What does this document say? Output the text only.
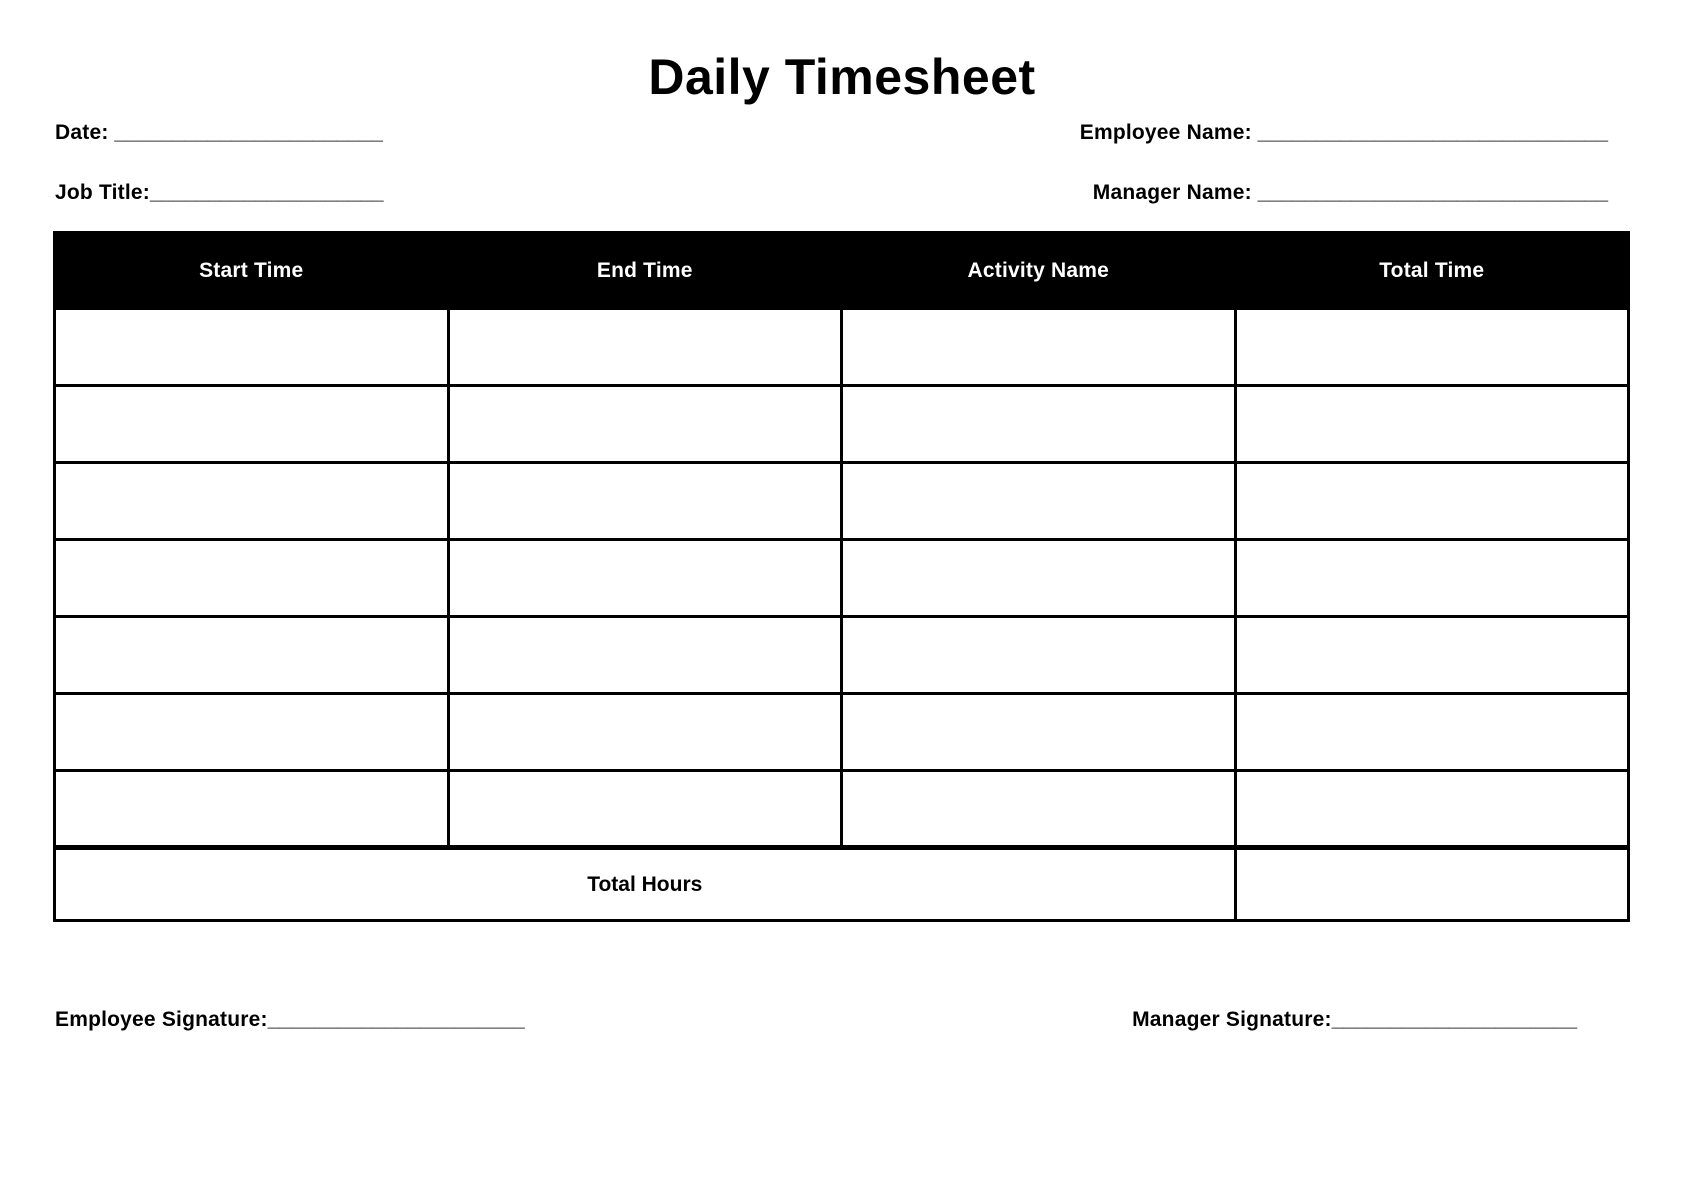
Daily Timesheet
Date: _______________________	Employee Name: ______________________________
Job Title:____________________	Manager Name: ______________________________
Start Time	End Time	Activity Name	Total Time

Total Hours			
Employee Signature:______________________	Manager Signature:_____________________
